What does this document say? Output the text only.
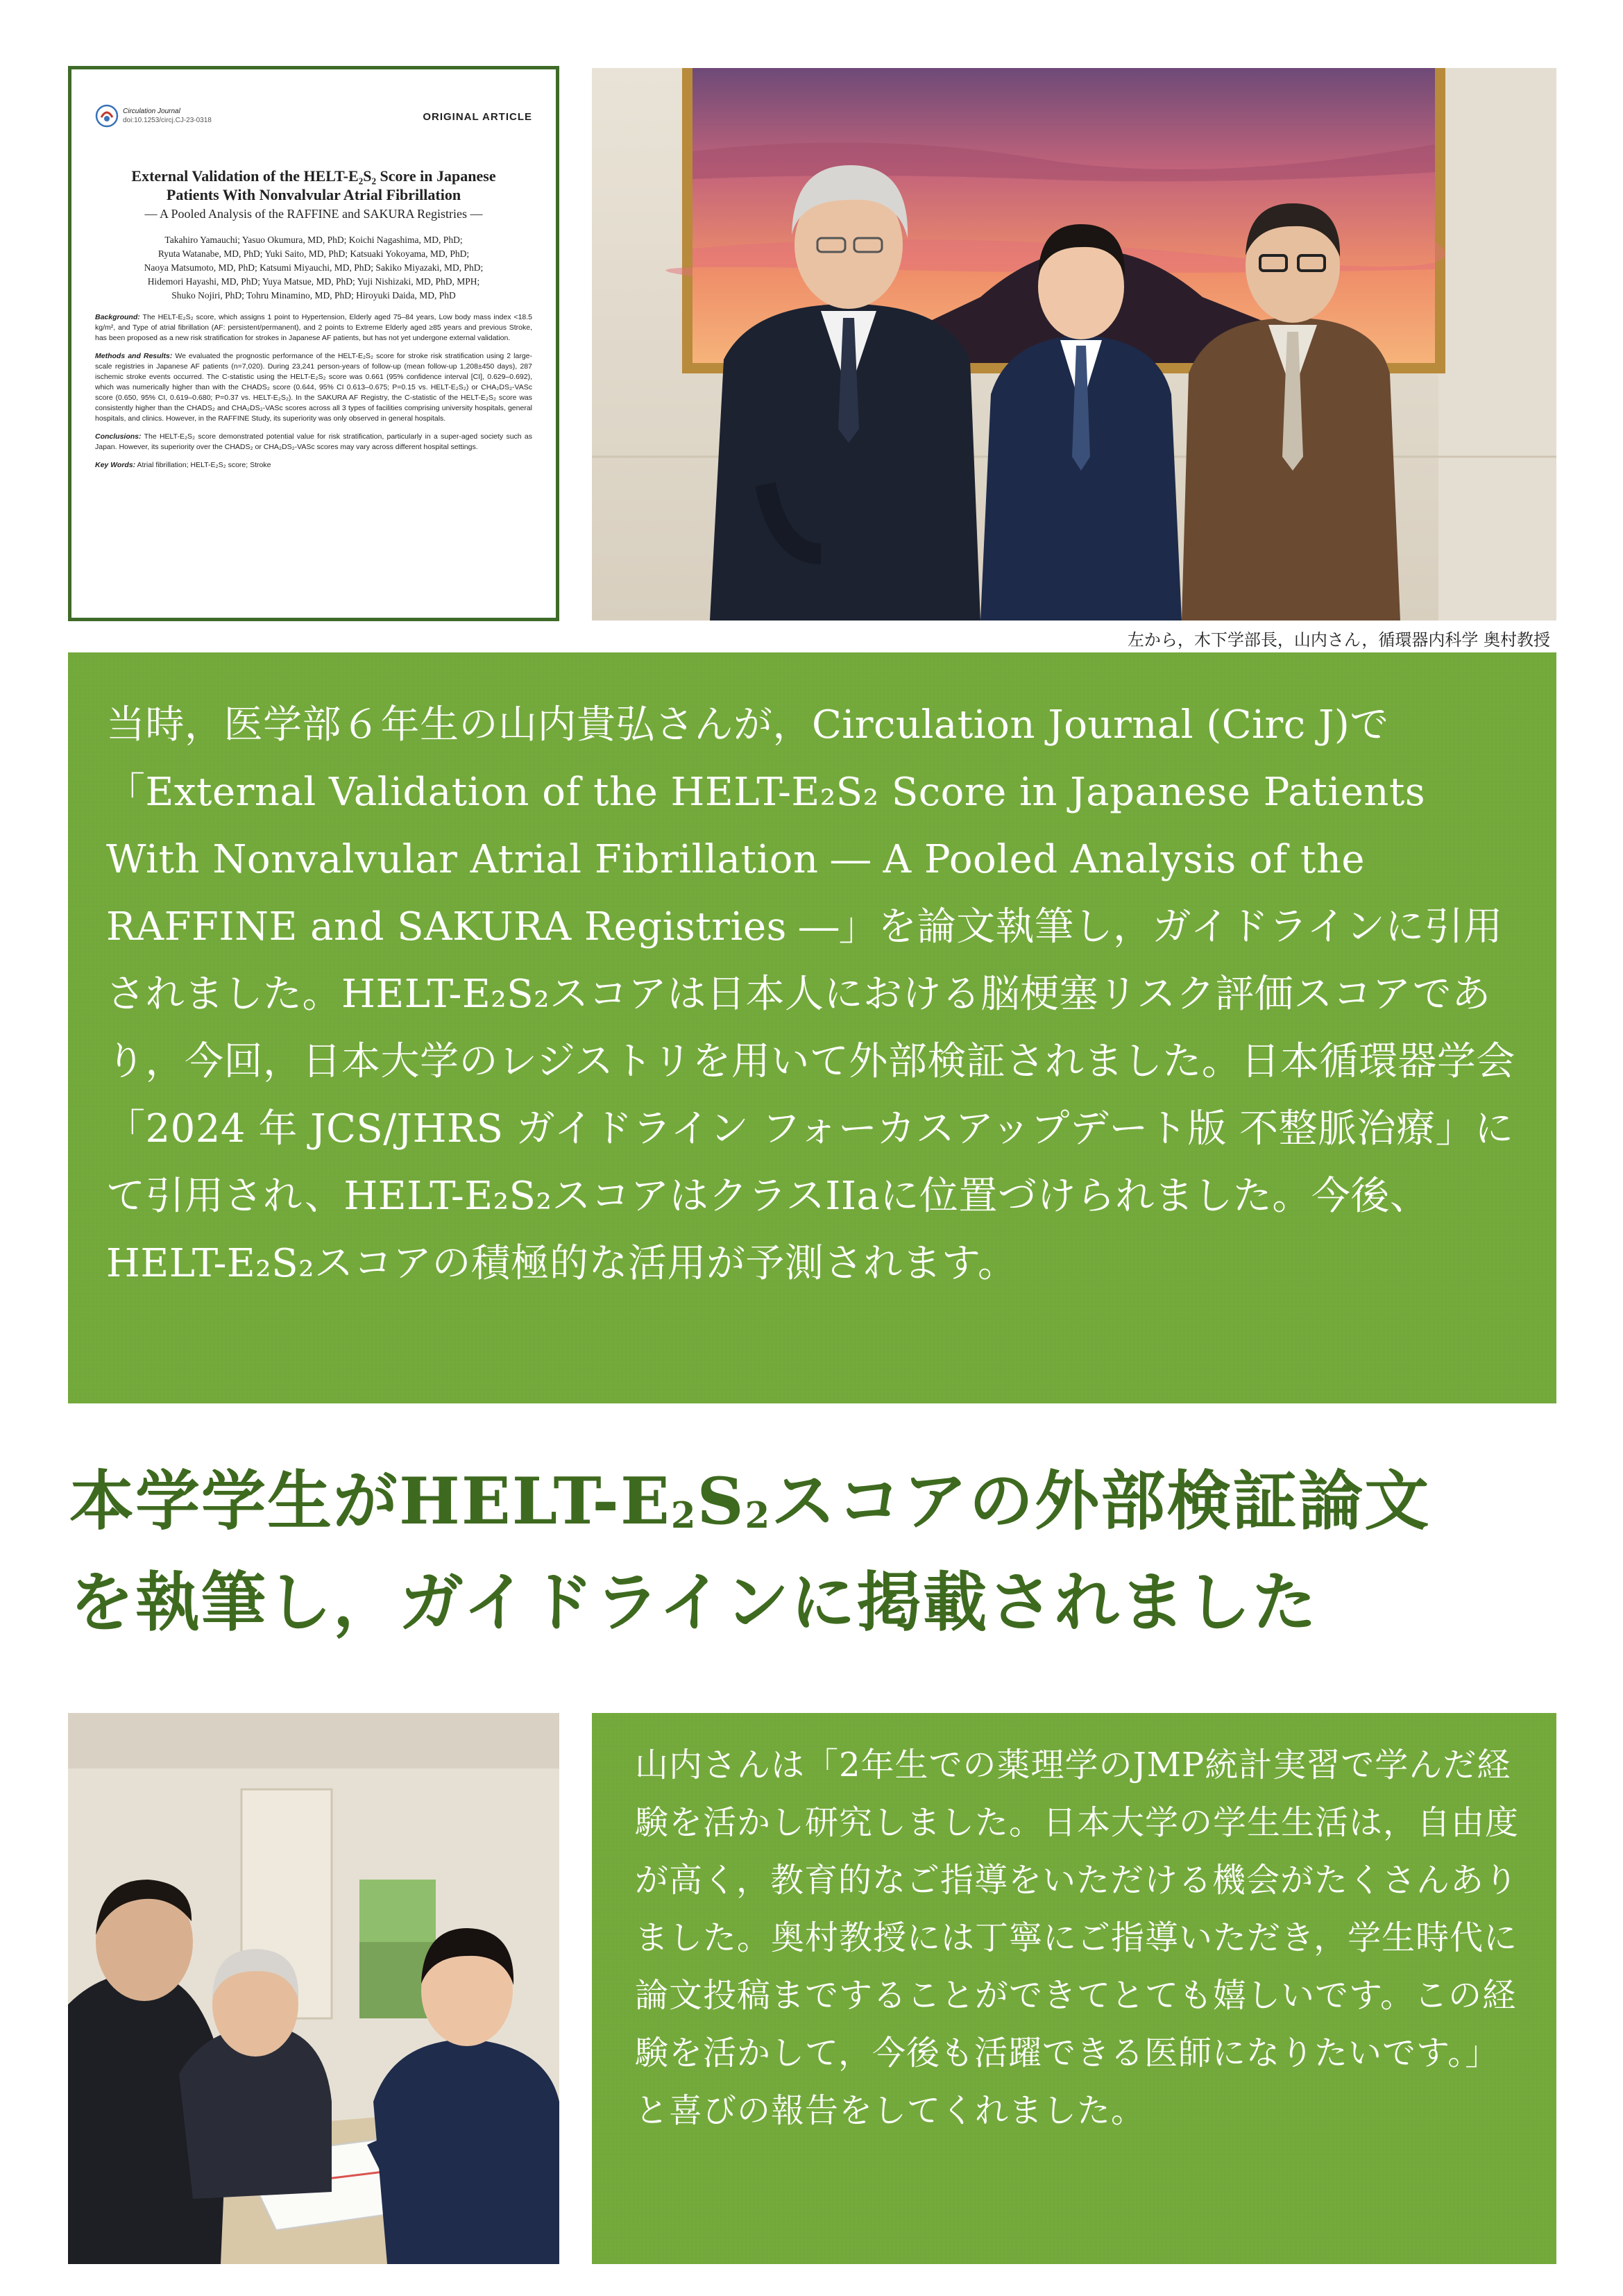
Circulation Journal
doi:10.1253/circj.CJ-23-0318	ORIGINAL ARTICLE
External Validation of the HELT-E₂S₂ Score in Japanese
Patients With Nonvalvular Atrial Fibrillation
— A Pooled Analysis of the RAFFINE and SAKURA Registries —
Takahiro Yamauchi; Yasuo Okumura, MD, PhD; Koichi Nagashima, MD, PhD;
Ryuta Watanabe, MD, PhD; Yuki Saito, MD, PhD; Katsuaki Yokoyama, MD, PhD;
Naoya Matsumoto, MD, PhD; Katsumi Miyauchi, MD, PhD; Sakiko Miyazaki, MD, PhD;
Hidemori Hayashi, MD, PhD; Yuya Matsue, MD, PhD; Yuji Nishizaki, MD, PhD, MPH;
Shuko Nojiri, PhD; Tohru Minamino, MD, PhD; Hiroyuki Daida, MD, PhD

Background: The HELT-E₂S₂ score, which assigns 1 point to Hypertension, Elderly aged 75–84 years, Low body mass index <18.5 kg/m², and Type of atrial fibrillation (AF: persistent/permanent), and 2 points to Extreme Elderly aged ≥85 years and previous Stroke, has been proposed as a new risk stratification for strokes in Japanese AF patients, but has not yet undergone external validation.

Methods and Results: We evaluated the prognostic performance of the HELT-E₂S₂ score for stroke risk stratification using 2 large-scale registries in Japanese AF patients (n=7,020). During 23,241 person-years of follow-up (mean follow-up 1,208±450 days), 287 ischemic stroke events occurred. The C-statistic using the HELT-E₂S₂ score was 0.661 (95% confidence interval [CI], 0.629–0.692), which was numerically higher than with the CHADS₂ score (0.644, 95% CI 0.613–0.675; P=0.15 vs. HELT-E₂S₂) or CHA₂DS₂-VASc score (0.650, 95% CI, 0.619–0.680; P=0.37 vs. HELT-E₂S₂). In the SAKURA AF Registry, the C-statistic of the HELT-E₂S₂ score was consistently higher than the CHADS₂ and CHA₂DS₂-VASc scores across all 3 types of facilities comprising university hospitals, general hospitals, and clinics. However, in the RAFFINE Study, its superiority was only observed in general hospitals.

Conclusions: The HELT-E₂S₂ score demonstrated potential value for risk stratification, particularly in a super-aged society such as Japan. However, its superiority over the CHADS₂ or CHA₂DS₂-VASc scores may vary across different hospital settings.

Key Words: Atrial fibrillation; HELT-E₂S₂ score; Stroke

左から，木下学部長，山内さん，循環器内科学 奥村教授
当時，医学部６年生の山内貴弘さんが，Circulation Journal (Circ J)で「External Validation of the HELT-E₂S₂ Score in Japanese Patients With Nonvalvular Atrial Fibrillation ― A Pooled Analysis of the RAFFINE and SAKURA Registries ―」を論文執筆し，ガイドラインに引用されました。HELT-E₂S₂スコアは日本人における脳梗塞リスク評価スコアであり，今回，日本大学のレジストリを用いて外部検証されました。日本循環器学会「2024 年 JCS/JHRS ガイドライン フォーカスアップデート版 不整脈治療」にて引用され、HELT-E₂S₂スコアはクラスIIaに位置づけられました。今後、HELT-E₂S₂スコアの積極的な活用が予測されます。
本学学生がHELT-$E_2S_2$スコアの外部検証論文
を執筆し，ガイドラインに掲載されました
山内さんは「2年生での薬理学のJMP統計実習で学んだ経験を活かし研究しました。日本大学の学生生活は，自由度が高く，教育的なご指導をいただける機会がたくさんありました。奥村教授には丁寧にご指導いただき，学生時代に論文投稿まですることができてとても嬉しいです。この経験を活かして，今後も活躍できる医師になりたいです。」と喜びの報告をしてくれました。
